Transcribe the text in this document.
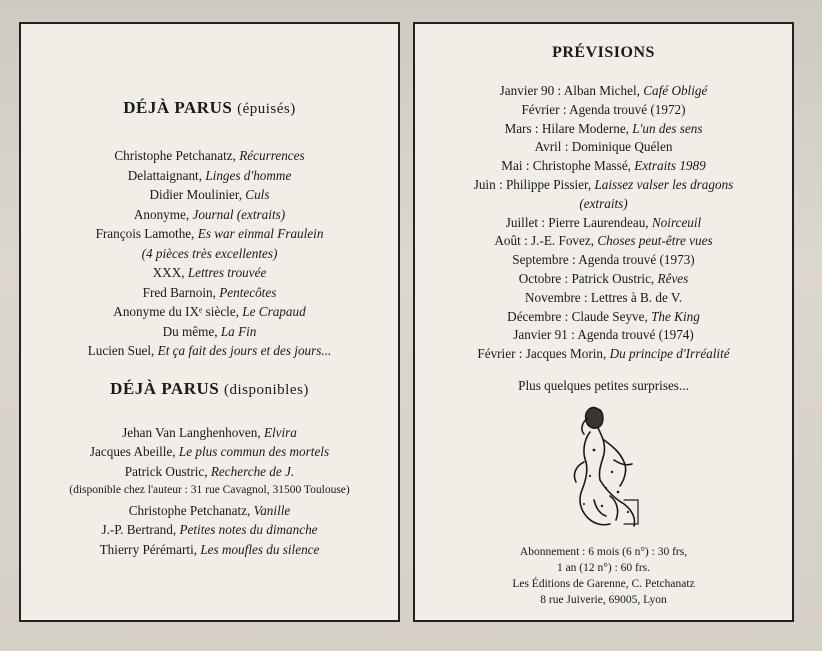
DÉJÀ PARUS (épuisés)
Christophe Petchanatz, Récurrences
Delattaignant, Linges d'homme
Didier Moulinier, Culs
Anonyme, Journal (extraits)
François Lamothe, Es war einmal Fraulein
(4 pièces très excellentes)
XXX, Lettres trouvée
Fred Barnoin, Pentecôtes
Anonyme du IXᵉ siècle, Le Crapaud
Du même, La Fin
Lucien Suel, Et ça fait des jours et des jours...
DÉJÀ PARUS (disponibles)
Jehan Van Langhenhoven, Elvira
Jacques Abeille, Le plus commun des mortels
Patrick Oustric, Recherche de J.
(disponible chez l'auteur : 31 rue Cavagnol, 31500 Toulouse)
Christophe Petchanatz, Vanille
J.-P. Bertrand, Petites notes du dimanche
Thierry Pérémarti, Les moufles du silence
PRÉVISIONS
Janvier 90 : Alban Michel, Café Obligé
Février : Agenda trouvé (1972)
Mars : Hilare Moderne, L'un des sens
Avril : Dominique Quélen
Mai : Christophe Massé, Extraits 1989
Juin : Philippe Pissier, Laissez valser les dragons
(extraits)
Juillet : Pierre Laurendeau, Noirceuil
Août : J.-E. Fovez, Choses peut-être vues
Septembre : Agenda trouvé (1973)
Octobre : Patrick Oustric, Rêves
Novembre : Lettres à B. de V.
Décembre : Claude Seyve, The King
Janvier 91 : Agenda trouvé (1974)
Février : Jacques Morin, Du principe d'Irréalité
Plus quelques petites surprises...
Abonnement : 6 mois (6 n°) : 30 frs,
1 an (12 n°) : 60 frs.
Les Éditions de Garenne, C. Petchanatz
8 rue Juiverie, 69005, Lyon
